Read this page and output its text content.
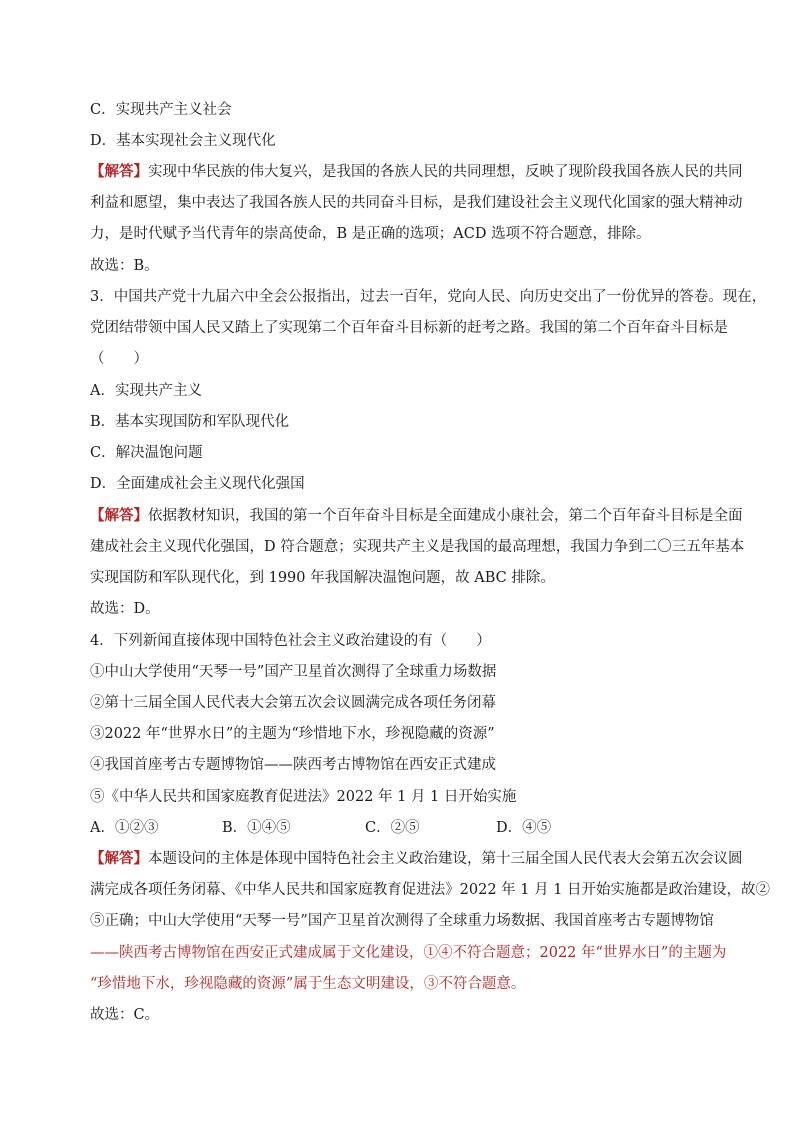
C．实现共产主义社会
D．基本实现社会主义现代化
【解答】实现中华民族的伟大复兴，是我国的各族人民的共同理想，反映了现阶段我国各族人民的共同
利益和愿望，集中表达了我国各族人民的共同奋斗目标，是我们建设社会主义现代化国家的强大精神动
力，是时代赋予当代青年的崇高使命，B 是正确的选项；ACD 选项不符合题意，排除。
故选：B。
3．中国共产党十九届六中全会公报指出，过去一百年，党向人民、向历史交出了一份优异的答卷。现在，
党团结带领中国人民又踏上了实现第二个百年奋斗目标新的赶考之路。我国的第二个百年奋斗目标是
（　　）
A．实现共产主义
B．基本实现国防和军队现代化
C．解决温饱问题
D．全面建成社会主义现代化强国
【解答】依据教材知识，我国的第一个百年奋斗目标是全面建成小康社会，第二个百年奋斗目标是全面
建成社会主义现代化强国，D 符合题意；实现共产主义是我国的最高理想，我国力争到二〇三五年基本
实现国防和军队现代化，到 1990 年我国解决温饱问题，故 ABC 排除。
故选：D。
4．下列新闻直接体现中国特色社会主义政治建设的有（　　）
①中山大学使用“天琴一号”国产卫星首次测得了全球重力场数据
②第十三届全国人民代表大会第五次会议圆满完成各项任务闭幕
③2022 年“世界水日”的主题为“珍惜地下水，珍视隐藏的资源”
④我国首座考古专题博物馆——陕西考古博物馆在西安正式建成
⑤《中华人民共和国家庭教育促进法》2022 年 1 月 1 日开始实施
A．①②③	B．①④⑤	C．②⑤	D．④⑤
【解答】本题设问的主体是体现中国特色社会主义政治建设，第十三届全国人民代表大会第五次会议圆
满完成各项任务闭幕、《中华人民共和国家庭教育促进法》2022 年 1 月 1 日开始实施都是政治建设，故②
⑤正确；中山大学使用“天琴一号”国产卫星首次测得了全球重力场数据、我国首座考古专题博物馆
——陕西考古博物馆在西安正式建成属于文化建设，①④不符合题意；2022 年“世界水日”的主题为
“珍惜地下水，珍视隐藏的资源”属于生态文明建设，③不符合题意。
故选：C。
